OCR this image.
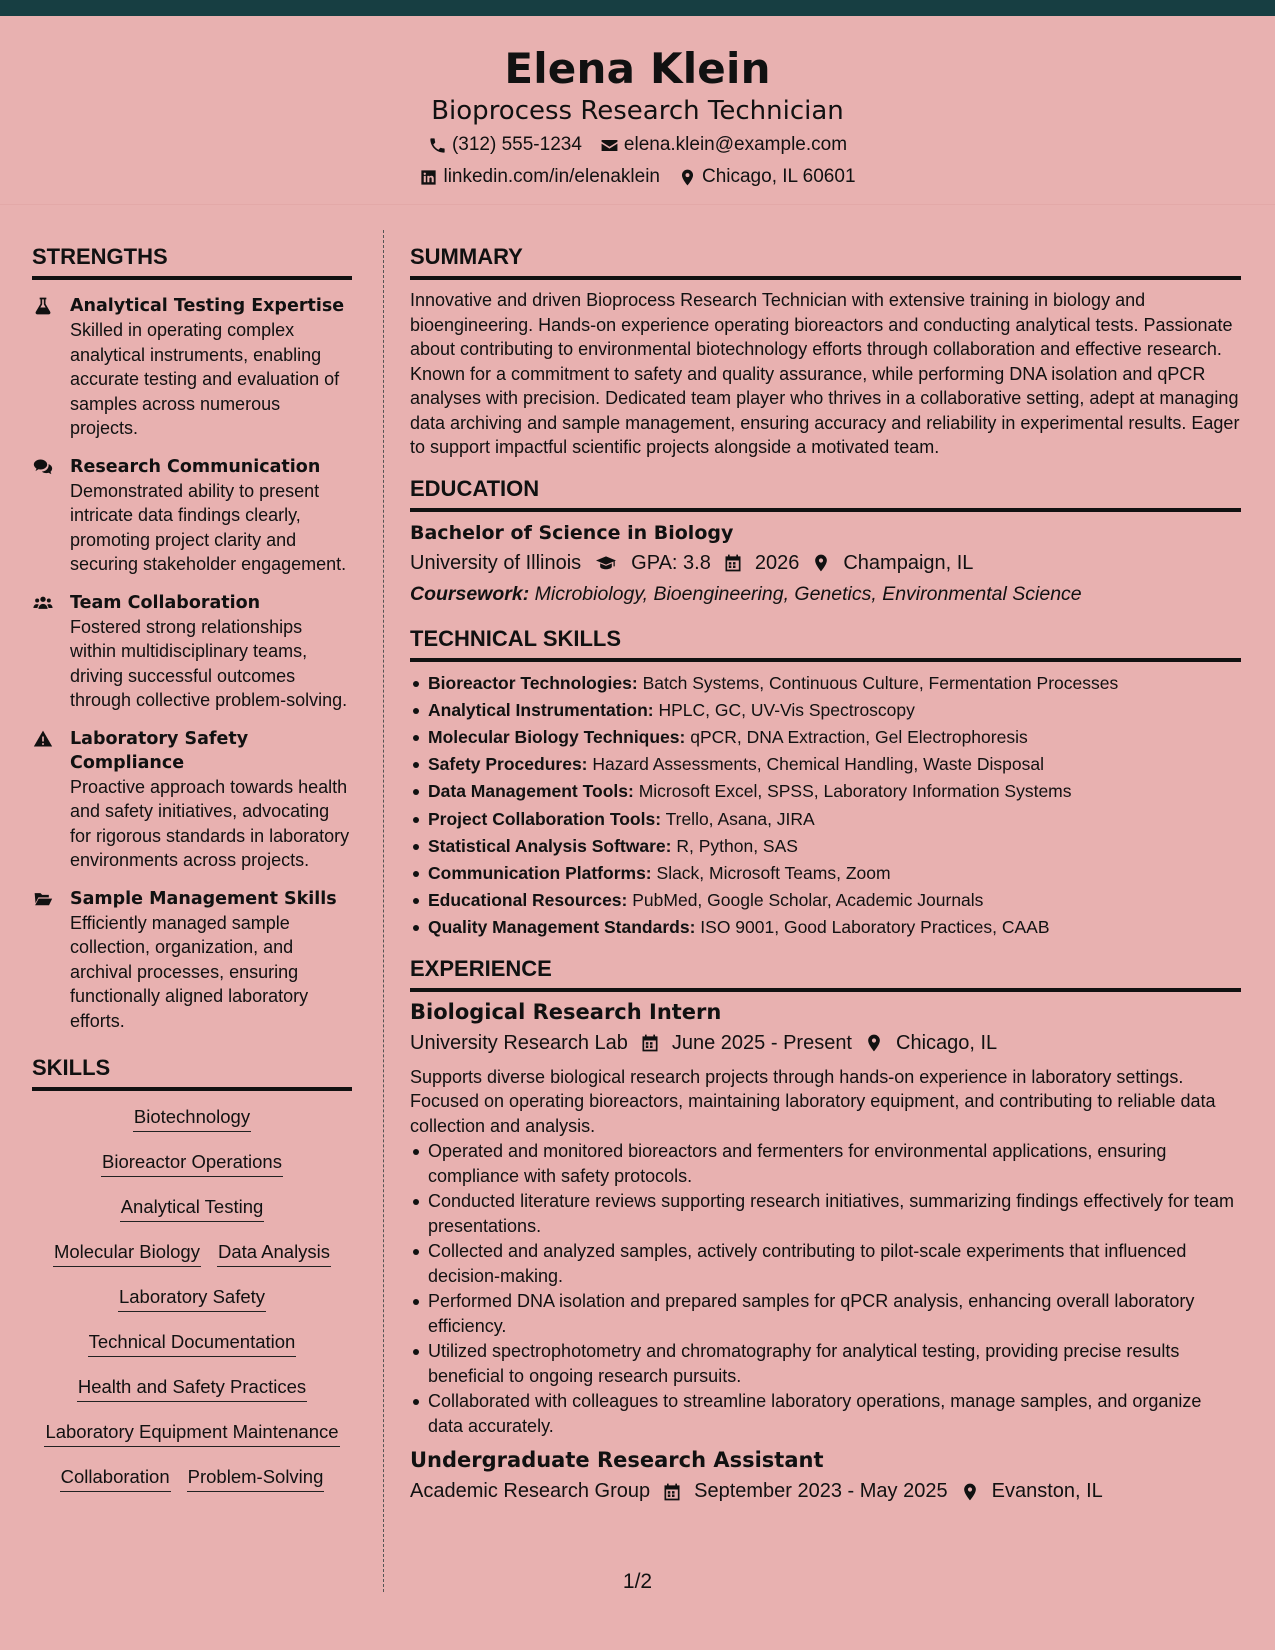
Elena Klein
Bioprocess Research Technician
(312) 555-1234 elena.klein@example.com
linkedin.com/in/elenaklein Chicago, IL 60601
STRENGTHS
Analytical Testing Expertise
Skilled in operating complex analytical instruments, enabling accurate testing and evaluation of samples across numerous projects.
Research Communication
Demonstrated ability to present intricate data findings clearly, promoting project clarity and securing stakeholder engagement.
Team Collaboration
Fostered strong relationships within multidisciplinary teams, driving successful outcomes through collective problem-solving.
Laboratory Safety Compliance
Proactive approach towards health and safety initiatives, advocating for rigorous standards in laboratory environments across projects.
Sample Management Skills
Efficiently managed sample collection, organization, and archival processes, ensuring functionally aligned laboratory efforts.
SKILLS
Biotechnology
Bioreactor Operations
Analytical Testing
Molecular Biology Data Analysis
Laboratory Safety
Technical Documentation
Health and Safety Practices
Laboratory Equipment Maintenance
Collaboration Problem-Solving
SUMMARY
Innovative and driven Bioprocess Research Technician with extensive training in biology and bioengineering. Hands-on experience operating bioreactors and conducting analytical tests. Passionate about contributing to environmental biotechnology efforts through collaboration and effective research. Known for a commitment to safety and quality assurance, while performing DNA isolation and qPCR analyses with precision. Dedicated team player who thrives in a collaborative setting, adept at managing data archiving and sample management, ensuring accuracy and reliability in experimental results. Eager to support impactful scientific projects alongside a motivated team.
EDUCATION
Bachelor of Science in Biology
University of Illinois	GPA: 3.8 2026 Champaign, IL
Coursework: Microbiology, Bioengineering, Genetics, Environmental Science
TECHNICAL SKILLS
Bioreactor Technologies: Batch Systems, Continuous Culture, Fermentation Processes
Analytical Instrumentation: HPLC, GC, UV-Vis Spectroscopy
Molecular Biology Techniques: qPCR, DNA Extraction, Gel Electrophoresis
Safety Procedures: Hazard Assessments, Chemical Handling, Waste Disposal
Data Management Tools: Microsoft Excel, SPSS, Laboratory Information Systems
Project Collaboration Tools: Trello, Asana, JIRA
Statistical Analysis Software: R, Python, SAS
Communication Platforms: Slack, Microsoft Teams, Zoom
Educational Resources: PubMed, Google Scholar, Academic Journals
Quality Management Standards: ISO 9001, Good Laboratory Practices, CAAB
EXPERIENCE
Biological Research Intern
University Research Lab June 2025 - Present Chicago, IL
Supports diverse biological research projects through hands-on experience in laboratory settings. Focused on operating bioreactors, maintaining laboratory equipment, and contributing to reliable data collection and analysis.
Operated and monitored bioreactors and fermenters for environmental applications, ensuring compliance with safety protocols.
Conducted literature reviews supporting research initiatives, summarizing findings effectively for team presentations.
Collected and analyzed samples, actively contributing to pilot-scale experiments that influenced decision-making.
Performed DNA isolation and prepared samples for qPCR analysis, enhancing overall laboratory efficiency.
Utilized spectrophotometry and chromatography for analytical testing, providing precise results beneficial to ongoing research pursuits.
Collaborated with colleagues to streamline laboratory operations, manage samples, and organize data accurately.
Undergraduate Research Assistant
Academic Research Group September 2023 - May 2025 Evanston, IL
1/2
